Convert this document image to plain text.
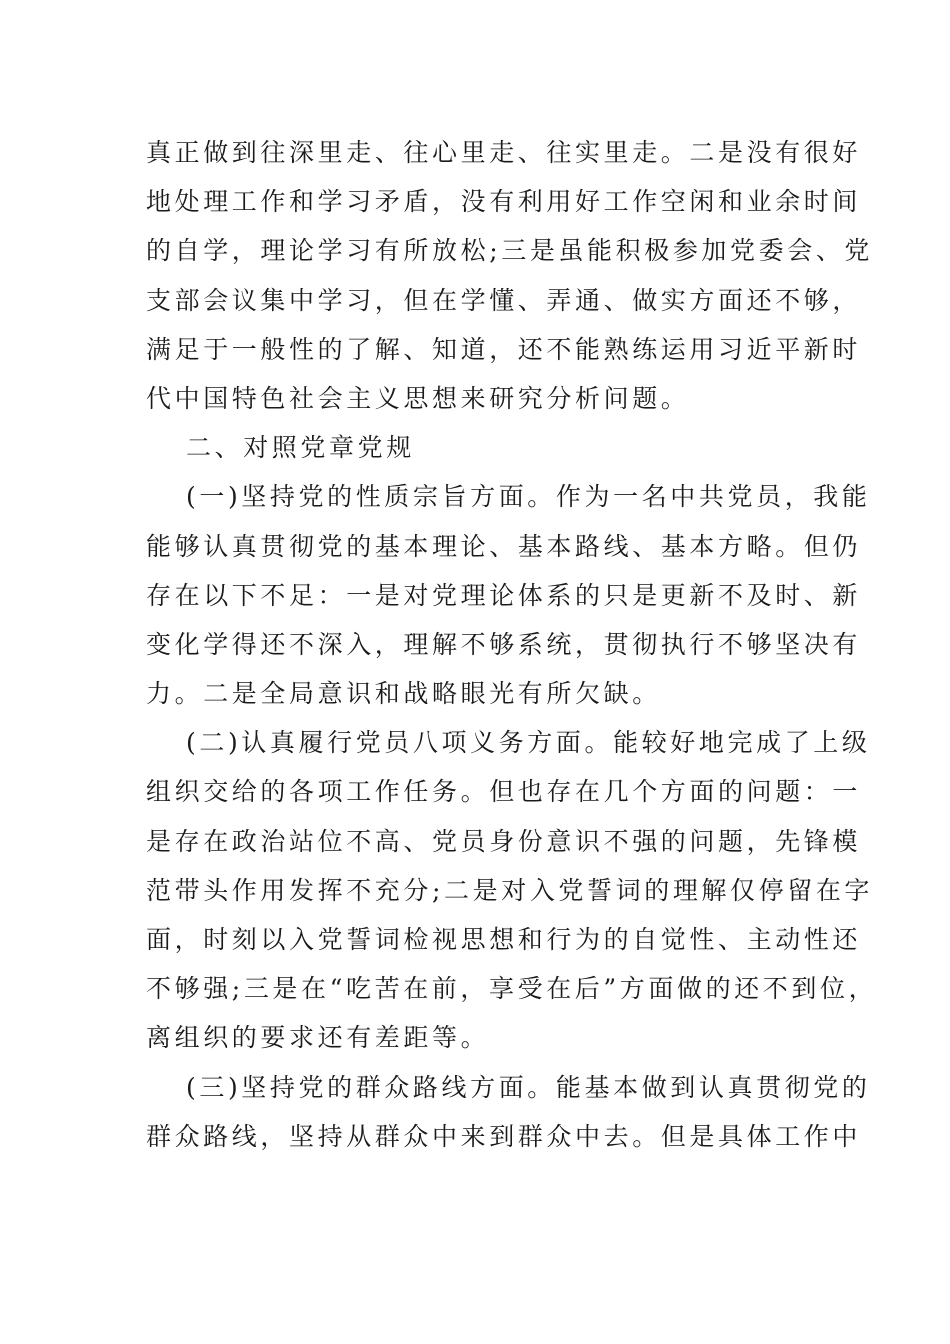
真正做到往深里走、往心里走、往实里走。二是没有很好
地处理工作和学习矛盾，没有利用好工作空闲和业余时间
的自学，理论学习有所放松;三是虽能积极参加党委会、党
支部会议集中学习，但在学懂、弄通、做实方面还不够，
满足于一般性的了解、知道，还不能熟练运用习近平新时
代中国特色社会主义思想来研究分析问题。
二、对照党章党规
(一)坚持党的性质宗旨方面。作为一名中共党员，我能
能够认真贯彻党的基本理论、基本路线、基本方略。但仍
存在以下不足：一是对党理论体系的只是更新不及时、新
变化学得还不深入，理解不够系统，贯彻执行不够坚决有
力。二是全局意识和战略眼光有所欠缺。
(二)认真履行党员八项义务方面。能较好地完成了上级
组织交给的各项工作任务。但也存在几个方面的问题：一
是存在政治站位不高、党员身份意识不强的问题，先锋模
范带头作用发挥不充分;二是对入党誓词的理解仅停留在字
面，时刻以入党誓词检视思想和行为的自觉性、主动性还
不够强;三是在“吃苦在前，享受在后”方面做的还不到位，
离组织的要求还有差距等。
(三)坚持党的群众路线方面。能基本做到认真贯彻党的
群众路线，坚持从群众中来到群众中去。但是具体工作中
